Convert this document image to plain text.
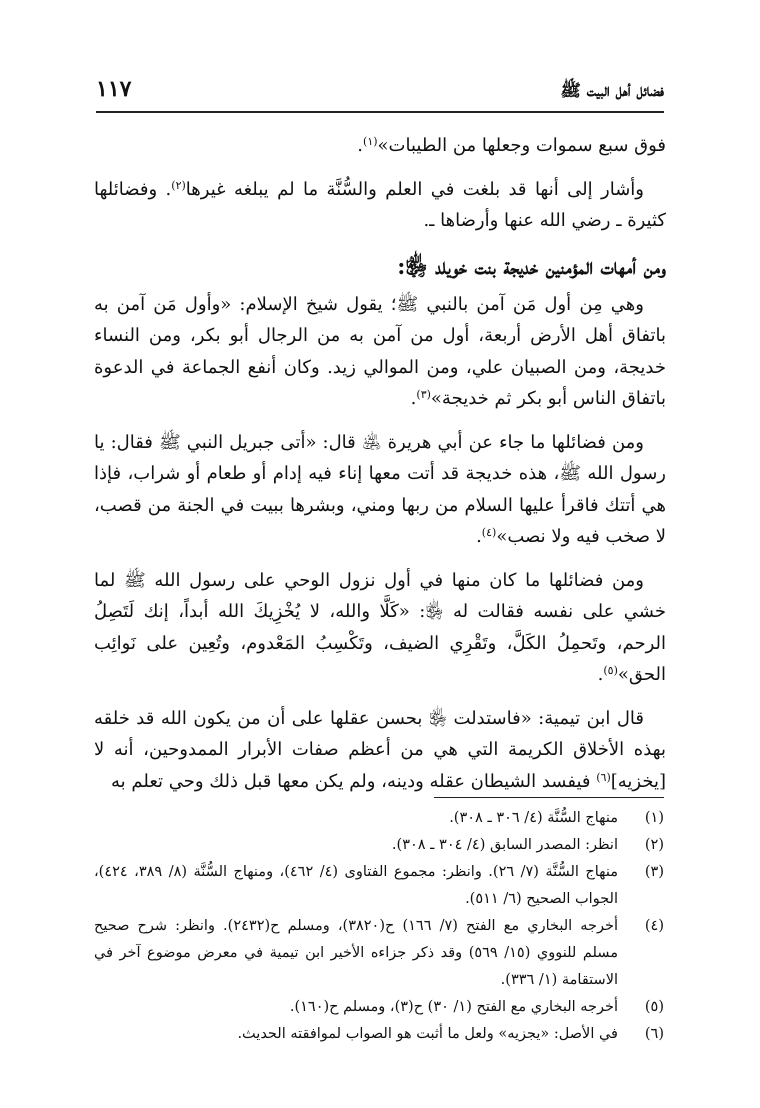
فضائل أهل البيت ﷺ
١١٧

فوق سبع سموات وجعلها من الطيبات»$^{(١)}$.

وأشار إلى أنها قد بلغت في العلم والسُّنَّة ما لم يبلغه غيرها$^{(٢)}$. وفضائلها كثيرة ـ رضي الله عنها وأرضاها ـ.

ومن أمهات المؤمنين خديجة بنت خويلد ﵂:

وهي مِن أول مَن آمن بالنبي ﷺ؛ يقول شيخ الإسلام: «وأول مَن آمن به باتفاق أهل الأرض أربعة، أول من آمن به من الرجال أبو بكر، ومن النساء خديجة، ومن الصبيان علي، ومن الموالي زيد. وكان أنفع الجماعة في الدعوة باتفاق الناس أبو بكر ثم خديجة»$^{(٣)}$.

ومن فضائلها ما جاء عن أبي هريرة ﵁ قال: «أتى جبريل النبي ﷺ فقال: يا رسول الله ﷺ، هذه خديجة قد أتت معها إناء فيه إدام أو طعام أو شراب، فإذا هي أتتك فاقرأ عليها السلام من ربها ومني، وبشرها ببيت في الجنة من قصب، لا صخب فيه ولا نصب»$^{(٤)}$.

ومن فضائلها ما كان منها في أول نزول الوحي على رسول الله ﷺ لما خشي على نفسه فقالت له ﵂: «كَلَّا والله، لا يُخْزِيكَ الله أبداً، إنك لَتَصِلُ الرحم، وتَحمِلُ الكَلَّ، وتَقْرِي الضيف، وتَكْسِبُ المَعْدوم، وتُعِين على نَوائِب الحق»$^{(٥)}$.

قال ابن تيمية: «فاستدلت ﵂ بحسن عقلها على أن من يكون الله قد خلقه بهذه الأخلاق الكريمة التي هي من أعظم صفات الأبرار الممدوحين، أنه لا [يخزيه]$^{(٦)}$ فيفسد الشيطان عقله ودينه، ولم يكن معها قبل ذلك وحي تعلم به

(١)
منهاج السُّنَّة (٤/ ٣٠٦ ـ ٣٠٨).
(٢)
انظر: المصدر السابق (٤/ ٣٠٤ ـ ٣٠٨).
(٣)
منهاج السُّنَّة (٧/ ٢٦). وانظر: مجموع الفتاوى (٤/ ٤٦٢)، ومنهاج السُّنَّة (٨/ ٣٨٩، ٤٢٤)، الجواب الصحيح (٦/ ٥١١).
(٤)
أخرجه البخاري مع الفتح (٧/ ١٦٦) ح(٣٨٢٠)، ومسلم ح(٢٤٣٢). وانظر: شرح صحيح مسلم للنووي (١٥/ ٥٦٩) وقد ذكر جزاءه الأخير ابن تيمية في معرض موضوع آخر في الاستقامة (١/ ٣٣٦).
(٥)
أخرجه البخاري مع الفتح (١/ ٣٠) ح(٣)، ومسلم ح(١٦٠).
(٦)
في الأصل: «يجزيه» ولعل ما أثبت هو الصواب لموافقته الحديث.
